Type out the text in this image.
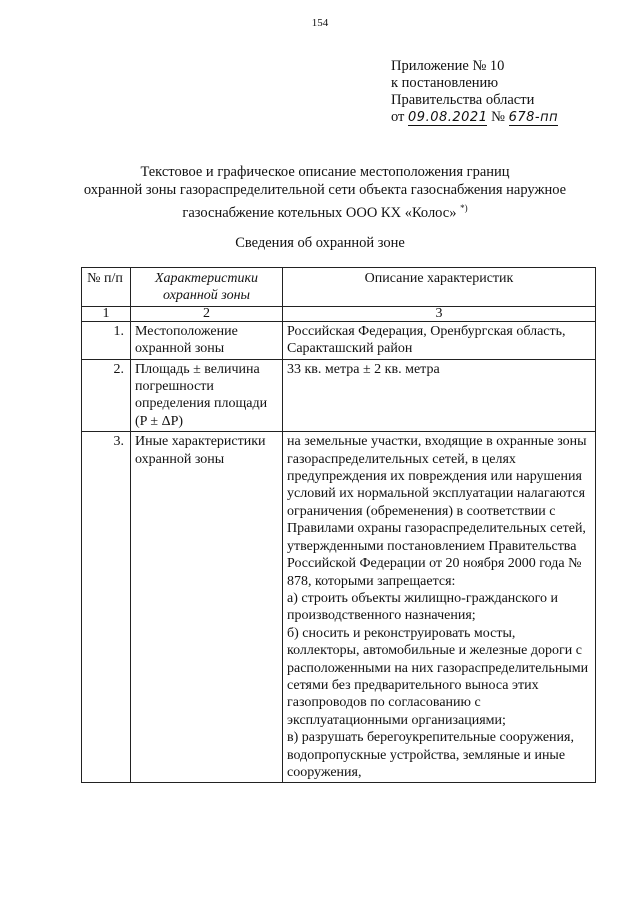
154
Приложение № 10
к постановлению
Правительства области
от 09.08.2021 № 678-пп
Текстовое и графическое описание местоположения границ
охранной зоны газораспределительной сети объекта газоснабжения наружное
газоснабжение котельных ООО КХ «Колос» *)
Сведения об охранной зоне
№ п/п	Характеристики охранной зоны	Описание характеристик
1	2	3
1.	Местоположение охранной зоны	Российская Федерация, Оренбургская область, Саракташский район
2.	Площадь ± величина погрешности определения площади (P ± ΔP)	33 кв. метра ± 2 кв. метра
3.	Иные характеристики охранной зоны	на земельные участки, входящие в охранные зоны газораспределительных сетей, в целях предупреждения их повреждения или нарушения условий их нормальной эксплуатации налагаются ограничения (обременения) в соответствии с Правилами охраны газораспределительных сетей, утвержденными постановлением Правительства Российской Федерации от 20 ноября 2000 года № 878, которыми запрещается:
а) строить объекты жилищно-гражданского и производственного назначения;
б) сносить и реконструировать мосты, коллекторы, автомобильные и железные дороги с расположенными на них газораспределительными сетями без предварительного выноса этих газопроводов по согласованию с эксплуатационными организациями;
в) разрушать берегоукрепительные сооружения, водопропускные устройства, земляные и иные сооружения,
